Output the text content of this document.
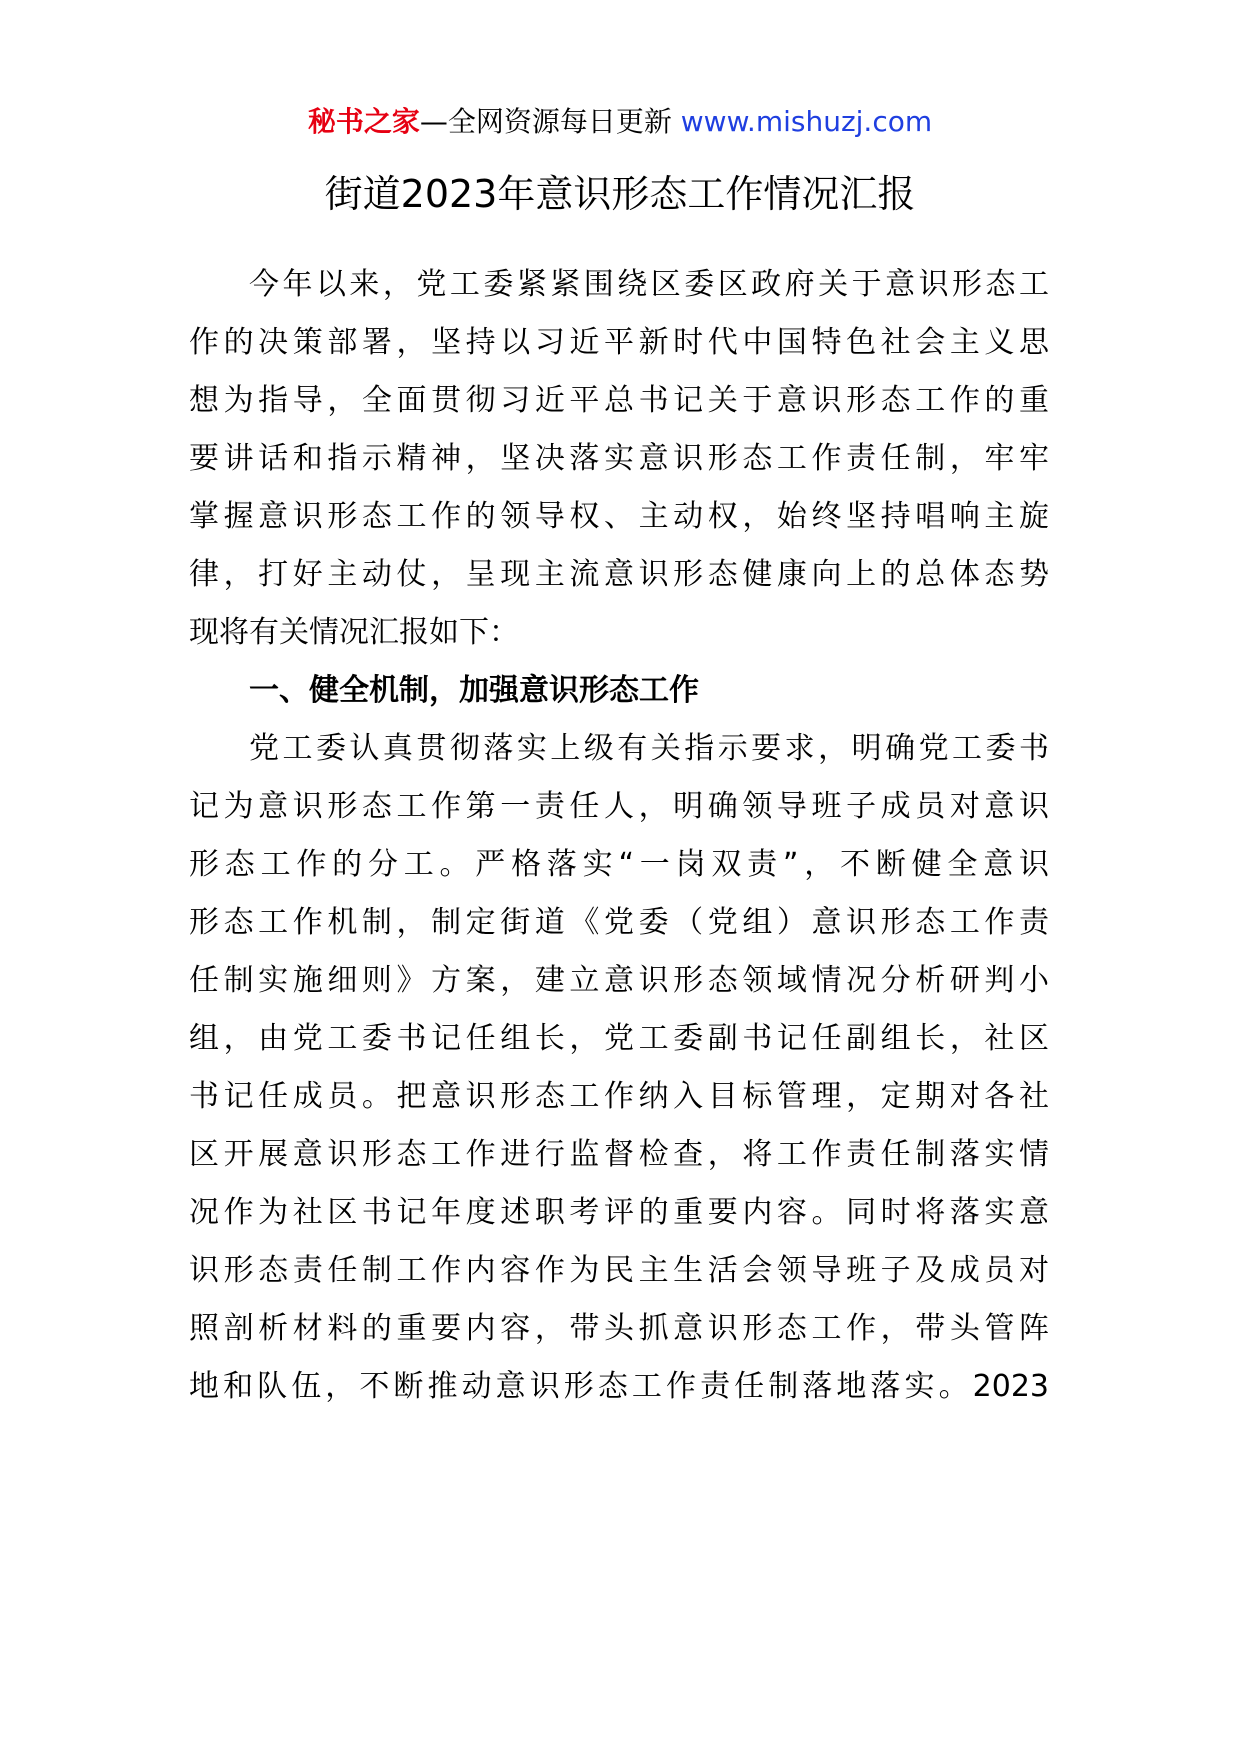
秘书之家—全网资源每日更新 www.mishuzj.com
街道2023年意识形态工作情况汇报
今年以来，党工委紧紧围绕区委区政府关于意识形态工
作的决策部署，坚持以习近平新时代中国特色社会主义思
想为指导，全面贯彻习近平总书记关于意识形态工作的重
要讲话和指示精神，坚决落实意识形态工作责任制，牢牢
掌握意识形态工作的领导权、主动权，始终坚持唱响主旋
律，打好主动仗，呈现主流意识形态健康向上的总体态势
现将有关情况汇报如下：
一、健全机制，加强意识形态工作
党工委认真贯彻落实上级有关指示要求，明确党工委书
记为意识形态工作第一责任人，明确领导班子成员对意识
形态工作的分工。严格落实“一岗双责”，不断健全意识
形态工作机制，制定街道《党委（党组）意识形态工作责
任制实施细则》方案，建立意识形态领域情况分析研判小
组，由党工委书记任组长，党工委副书记任副组长，社区
书记任成员。把意识形态工作纳入目标管理，定期对各社
区开展意识形态工作进行监督检查，将工作责任制落实情
况作为社区书记年度述职考评的重要内容。同时将落实意
识形态责任制工作内容作为民主生活会领导班子及成员对
照剖析材料的重要内容，带头抓意识形态工作，带头管阵
地和队伍，不断推动意识形态工作责任制落地落实。2023
